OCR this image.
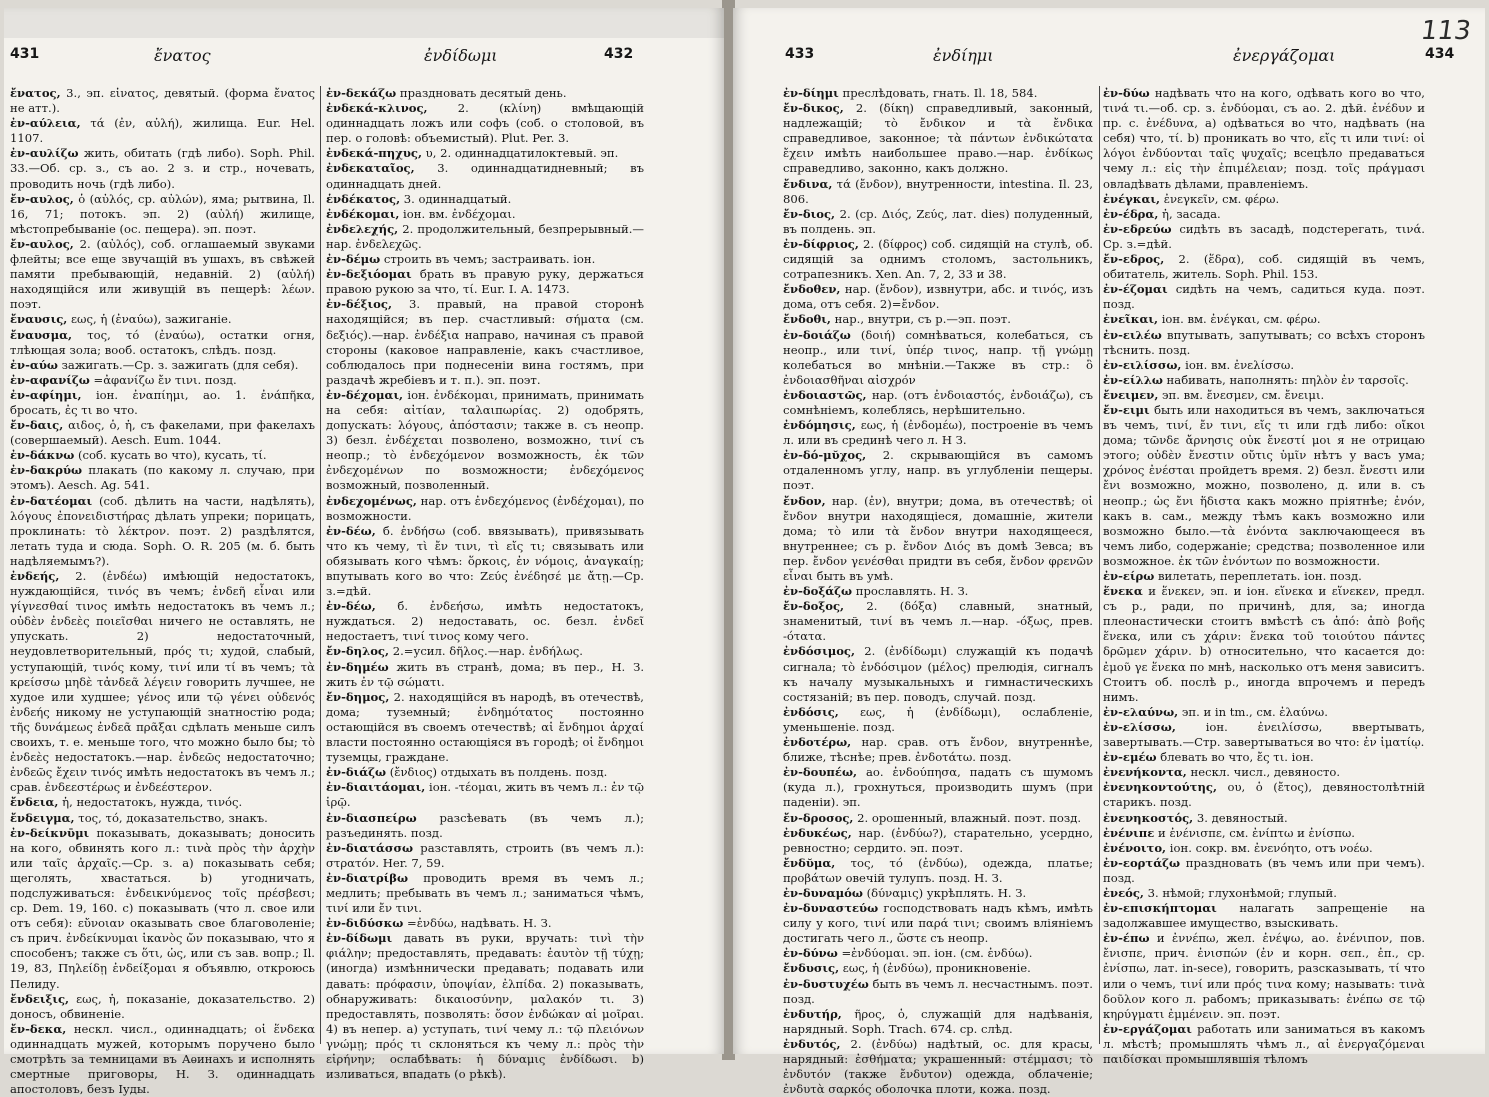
431	ἔνατος	ἐνδίδωμι	432

ἔνατος, 3., эп. εἰνατος, девятый. (форма ἔνατος не атт.).

ἐν-αύλεια, τά (ἐν, αὐλή), жилища. Eur. Hel. 1107.

ἐν-αυλίζω жить, обитать (гдѣ либо). Soph. Phil. 33.—Об. ср. з., съ ао. 2 з. и стр., ночевать, проводить ночь (гдѣ либо).

ἔν-αυλος, ὁ (αὐλός, ср. αὐλών), яма; рытвина, Il. 16, 71; потокъ. эп. 2) (αὐλή) жилище, мѣстопребываніе (ос. пещера). эп. поэт.

ἔν-αυλος, 2. (αὐλός), соб. оглашаемый звуками флейты; все еще звучащій въ ушахъ, въ свѣжей памяти пребывающій, недавній. 2) (αὐλή) находящійся или живущій въ пещерѣ: λέων. поэт.

ἔναυσις, εως, ἡ (ἐναύω), зажиганіе.

ἔναυσμα, τος, τό (ἐναύω), остатки огня, тлѣющая зола; вооб. остатокъ, слѣдъ. позд.

ἐν-αύω зажигать.—Ср. з. зажигать (для себя).

ἐν-αφανίζω =ἀφανίζω ἔν τινι. позд.

ἐν-αφίημι, ioн. ἐναπίημι, ао. 1. ἐνάπῆκα, бросать, ἐς τι во что.

ἔν-δαις, αιδος, ὁ, ἡ, съ факелами, при факелахъ (совершаемый). Aesch. Eum. 1044.

ἐν-δάκνω (соб. кусать во что), кусать, τί.

ἐν-δακρύω плакать (по какому л. случаю, при этомъ). Aesch. Ag. 541.

ἐν-δατέομαι (соб. дѣлить на части, надѣлять), λόγους ἐπονειδιστήρας дѣлать упреки; порицать, проклинать: τὸ λέκτρον. поэт. 2) раздѣлятся, летать туда и сюда. Soph. O. R. 205 (м. б. быть надѣляемымъ?).

ἐνδεής, 2. (ἐνδέω) имѣющій недостатокъ, нуждающійся, τινός въ чемъ; ἐνδεῆ εἶναι или γίγνεσθαί τινος имѣть недостатокъ въ чемъ л.; οὐδὲν ἐνδεὲς ποιεῖσθαι ничего не оставлять, не упускать. 2) недостаточный, неудовлетворительный, πρός τι; худой, слабый, уступающій, τινός кому, τινί или τί въ чемъ; τὰ κρείσσω μηδὲ τἀνδεᾶ λέγειν говорить лучшее, не худое или худшее; γένος или τῷ γένει οὐδενός ἐνδεής никому не уступающій знатностію рода; τῆς δυνάμεως ἐνδεᾶ πρᾶξαι сдѣлать меньше силъ своихъ, т. е. меньше того, что можно было бы; τὸ ἐνδεὲς недостатокъ.—нар. ἐνδεῶς недостаточно; ἐνδεῶς ἔχειν τινός имѣть недостатокъ въ чемъ л.; срав. ἐνδεεστέρως и ἐνδεέστερον.

ἔνδεια, ἡ, недостатокъ, нужда, τινός.

ἔνδειγμα, τος, τό, доказательство, знакъ.

ἐν-δείκνῡμι показывать, доказывать; доносить на кого, обвинять кого л.: τινὰ πρὸς τὴν ἀρχὴν или ταῖς ἀρχαῖς.—Ср. з. а) показывать себя; щеголять, хвастаться. b) угодничать, подслуживаться: ἐνδεικνύμενος τοῖς πρέσβεσι; ср. Dem. 19, 160. с) показывать (что л. свое или отъ себя): εὔνοιαν оказывать свое благоволеніе; съ прич. ἐνδείκνυμαι ἱκανὸς ὤν показываю, что я способенъ; также съ ὅτι, ὡς, или съ зав. вопр.; Il. 19, 83, Πηλείδῃ ἐνδείξομαι я объявлю, откроюсь Пелиду.

ἔνδειξις, εως, ἡ, показаніе, доказательство. 2) доносъ, обвиненіе.

ἔν-δεκα, нескл. числ., одиннадцать; οἱ ἕνδεκα одиннадцать мужей, которымъ поручено было смотрѣть за темницами въ Аѳинахъ и исполнять смертные приговоры, Н. З. одиннадцать апостоловъ, безъ Іуды.

ἐν-δεκάζω праздновать десятый день.

ἐνδεκά-κλινος, 2. (κλίνη) вмѣщающій одиннадцать ложъ или софъ (соб. о столовой, въ пер. о головѣ: объемистый). Plut. Per. 3.

ἐνδεκά-πηχυς, υ, 2. одиннадцатилоктевый. эп.

ἐνδεκαταῖος, 3. одиннадцатидневный; въ одиннадцать дней.

ἑνδέκατος, 3. одиннадцатый.

ἐνδέκομαι, ioн. вм. ἐνδέχομαι.

ἐνδελεχής, 2. продолжительный, безпрерывный.—нар. ἐνδελεχῶς.

ἐν-δέμω строить въ чемъ; застраивать. ioн.

ἐν-δεξιόομαι брать въ правую руку, держаться правою рукою за что, τί. Eur. I. A. 1473.

ἐν-δέξιος, 3. правый, на правой сторонѣ находящійся; въ пер. счастливый: σήματα (см. δεξιός).—нар. ἐνδέξια направо, начиная съ правой стороны (каковое направленіе, какъ счастливое, соблюдалось при поднесеніи вина гостямъ, при раздачѣ жребіевъ и т. п.). эп. поэт.

ἐν-δέχομαι, ioн. ἐνδέκομαι, принимать, принимать на себя: αἰτίαν, ταλαιπωρίας. 2) одобрять, допускать: λόγους, ἀπόστασιν; также в. съ неопр. 3) безл. ἐνδέχεται позволено, возможно, τινί съ неопр.; τὸ ἐνδεχόμενον возможность, ἐκ τῶν ἐνδεχομένων по возможности; ἐνδεχόμενος возможный, позволенный.

ἐνδεχομένως, нар. отъ ἐνδεχόμενος (ἐνδέχομαι), по возможности.

ἐν-δέω, б. ἐνδήσω (соб. ввязывать), привязывать что къ чему, τὶ ἔν τινι, τὶ εἴς τι; связывать или обязывать кого чѣмъ: ὅρκοις, ἐν νόμοις, ἀναγκαίῃ; впутывать кого во что: Ζεύς ἐνέδησέ με ἄτῃ.—Ср. з.=дѣй.

ἐν-δέω, б. ἐνδεήσω, имѣть недостатокъ, нуждаться. 2) недоставать, ос. безл. ἐνδεῖ недостаетъ, τινί τινος кому чего.

ἔν-δηλος, 2.=усил. δῆλος.—нар. ἐνδήλως.

ἐν-δημέω жить въ странѣ, дома; въ пер., Н. З. жить ἐν τῷ σώματι.

ἔν-δημος, 2. находящійся въ народѣ, въ отечествѣ, дома; туземный; ἐνδημότατος постоянно остающійся въ своемъ отечествѣ; αἱ ἔνδημοι ἀρχαί власти постоянно остающіяся въ городѣ; οἱ ἔνδημοι туземцы, граждане.

ἐν-διάζω (ἔνδιος) отдыхать въ полдень. позд.

ἐν-διαιτάομαι, ioн. -τέομαι, жить въ чемъ л.: ἐν τῷ ἱρῷ.

ἐν-διασπείρω разсѣевать (въ чемъ л.); разъединять. позд.

ἐν-διατάσσω разставлять, строить (въ чемъ л.): στρατόν. Her. 7, 59.

ἐν-διατρίβω проводить время въ чемъ л.; медлить; пребывать въ чемъ л.; заниматься чѣмъ, τινί или ἔν τινι.

ἐν-διδύσκω =ἐνδύω, надѣвать. Н. З.

ἐν-δίδωμι давать въ руки, вручать: τινὶ τὴν φιάλην; предоставлять, предавать: ἑαυτὸν τῇ τύχῃ; (иногда) измѣннически предавать; подавать или давать: πρόφασιν, ὑποψίαν, ἐλπίδα. 2) показывать, обнаруживать: δικαιοσύνην, μαλακόν τι. 3) предоставлять, позволять: ὅσον ἐνδώκαν αἱ μοῖραι. 4) въ непер. а) уступать, τινί чему л.: τῷ πλειόνων γνώμῃ; πρός τι склоняться къ чему л.: πρὸς τὴν εἰρήνην; ослабѣвать: ἡ δύναμις ἐνδίδωσι. b) изливаться, впадать (о рѣкѣ).

433	ἐνδίημι	ἐνεργάζομαι	434
113

ἐν-δίημι преслѣдовать, гнать. Il. 18, 584.

ἔν-δικος, 2. (δίκη) справедливый, законный, надлежащій; τὸ ἔνδικον и τὰ ἔνδικα справедливое, законное; τὰ πάντων ἐνδικώτατα ἔχειν имѣть наибольшее право.—нар. ἐνδίκως справедливо, законно, какъ должно.

ἔνδινα, τά (ἔνδον), внутренности, intestina. Il. 23, 806.

ἔν-διος, 2. (ср. Διός, Ζεύς, лат. dies) полуденный, въ полдень. эп.

ἐν-δίφριος, 2. (δίφρος) соб. сидящій на стулѣ, об. сидящій за однимъ столомъ, застольникъ, сотрапезникъ. Xen. An. 7, 2, 33 и 38.

ἔνδοθεν, нар. (ἔνδον), извнутри, абс. и τινός, изъ дома, отъ себя. 2)=ἔνδον.

ἔνδοθι, нар., внутри, съ р.—эп. поэт.

ἐν-δοιάζω (δοιή) сомнѣваться, колебаться, съ неопр., или τινί, ὑπέρ τινος, напр. τῇ γνώμῃ колебаться во мнѣніи.—Также въ стр.: ὃ ἐνδοιασθῆναι αἰσχρόν

ἐνδοιαστῶς, нар. (отъ ἐνδοιαστός, ἐνδοιάζω), съ сомнѣніемъ, колеблясь, нерѣшительно.

ἐνδόμησις, εως, ἡ (ἐνδομέω), построеніе въ чемъ л. или въ срединѣ чего л. Н З.

ἐν-δό-μῠχος, 2. скрывающійся въ самомъ отдаленномъ углу, напр. въ углубленіи пещеры. поэт.

ἔνδον, нар. (ἐν), внутри; дома, въ отечествѣ; οἱ ἔνδον внутри находящіеся, домашніе, жители дома; τὸ или τὰ ἔνδον внутри находящееся, внутреннее; съ р. ἔνδον Διός въ домѣ Зевса; въ пер. ἔνδον γενέσθαι придти въ себя, ἔνδον φρενῶν εἶναι быть въ умѣ.

ἐν-δοξάζω прославлять. Н. З.

ἔν-δοξος, 2. (δόξα) славный, знатный, знаменитый, τινί въ чемъ л.—нар. -όξως, прев. -ότατα.

ἐνδόσιμος, 2. (ἐνδίδωμι) служащій къ подачѣ сигнала; τὸ ἐνδόσιμον (μέλος) прелюдія, сигналъ къ началу музыкальныхъ и гимнастическихъ состязаній; въ пер. поводъ, случай. позд.

ἐνδόσις, εως, ἡ (ἐνδίδωμι), ослабленіе, уменьшеніе. позд.

ἐνδοτέρω, нар. срав. отъ ἔνδον, внутреннѣе, ближе, тѣснѣе; прев. ἐνδοτάτω. позд.

ἐν-δουπέω, ао. ἐνδούπησα, падать съ шумомъ (куда л.), грохнуться, производить шумъ (при паденіи). эп.

ἔν-δροσος, 2. орошенный, влажный. поэт. позд.

ἐνδυκέως, нар. (ἐνδύω?), старательно, усердно, ревностно; сердито. эп. поэт.

ἔνδῠμα, τος, τό (ἐνδύω), одежда, платье; προβάτων овечій тулупъ. позд. Н. З.

ἐν-δυναμόω (δύναμις) укрѣплять. Н. З.

ἐν-δυναστεύω господствовать надъ кѣмъ, имѣть силу у кого, τινί или παρά τινι; своимъ вліяніемъ достигать чего л., ὥστε съ неопр.

ἐν-δύνω =ἐνδύομαι. эп. ioн. (см. ἐνδύω).

ἔνδυσις, εως, ἡ (ἐνδύω), проникновеніе.

ἐν-δυστυχέω быть въ чемъ л. несчастнымъ. поэт. позд.

ἐνδυτήρ, ῆρος, ὁ, служащій для надѣванія, нарядный. Soph. Trach. 674. ср. слѣд.

ἐνδυτός, 2. (ἐνδύω) надѣтый, ос. для красы, нарядный: ἐσθήματα; украшенный: στέμμασι; τὸ ἐνδυτόν (также ἔνδυτον) одежда, облаченіе; ἐνδυτὰ σαρκός оболочка плоти, кожа. позд.

ἐν-δύω надѣвать что на кого, одѣвать кого во что, τινά τι.—об. ср. з. ἐνδύομαι, съ ао. 2. дѣй. ἐνέδυν и пр. с. ἐνέδυνα, а) одѣваться во что, надѣвать (на себя) что, τί. b) проникать во что, εἴς τι или τινί: οἱ λόγοι ἐνδύονται ταῖς ψυχαῖς; всецѣло предаваться чему л.: εἰς τὴν ἐπιμέλειαν; позд. τοῖς πράγμασι овладѣвать дѣлами, правленіемъ.

ἐνέγκαι, ἐνεγκεῖν, см. φέρω.

ἐν-έδρα, ἡ, засада.

ἐν-εδρεύω сидѣть въ засадѣ, подстерегать, τινά. Ср. з.=дѣй.

ἔν-εδρος, 2. (ἕδρα), соб. сидящій въ чемъ, обитатель, житель. Soph. Phil. 153.

ἐν-έζομαι сидѣть на чемъ, садиться куда. поэт. позд.

ἐνεῖκαι, ioн. вм. ἐνέγκαι, см. φέρω.

ἐν-ειλέω впутывать, запутывать; со всѣхъ сторонъ тѣснить. позд.

ἐν-ειλίσσω, ioн. вм. ἐνελίσσω.

ἐν-είλλω набивать, наполнять: πηλὸν ἐν ταρσοῖς.

ἔνειμεν, эп. вм. ἔνεσμεν, см. ἔνειμι.

ἔν-ειμι быть или находиться въ чемъ, заключаться въ чемъ, τινί, ἔν τινι, εἴς τι или гдѣ либо: οἴκοι дома; τῶνδε ἄρνησις οὐκ ἔνεστί μοι я не отрицаю этого; οὐδὲν ἔνεστιν οὔτις ὑμῖν нѣтъ у васъ ума; χρόνος ἐνέσται пройдетъ время. 2) безл. ἔνεστι или ἔνι возможно, можно, позволено, д. или в. съ неопр.; ὡς ἔνι ἥδιστα какъ можно пріятнѣе; ἐνόν, какъ в. сам., между тѣмъ какъ возможно или возможно было.—τὰ ἐνόντα заключающееся въ чемъ либо, содержаніе; средства; позволенное или возможное. ἐκ τῶν ἐνόντων по возможности.

ἐν-είρω вилетать, переплетать. ioн. позд.

ἕνεκα и ἕνεκεν, эп. и ioн. εἵνεκα и εἵνεκεν, предл. съ р., ради, по причинѣ, для, за; иногда плеонастически стоитъ вмѣстѣ съ ἀπό: ἀπὸ βοῆς ἕνεκα, или съ χάριν: ἕνεκα τοῦ τοιούτου πάντες δρῶμεν χάριν. b) относительно, что касается до: ἐμοῦ γε ἕνεκα по мнѣ, насколько отъ меня зависитъ. Стоитъ об. послѣ р., иногда впрочемъ и передъ нимъ.

ἐν-ελαύνω, эп. и in tm., см. ἐλαύνω.

ἐν-ελίσσω, ioн. ἐνειλίσσω, ввертывать, завертывать.—Стр. завертываться во что: ἐν ἱματίῳ.

ἐν-εμέω блевать во что, ἔς τι. ioн.

ἐνενήκοντα, нескл. числ., девяносто.

ἐνενηκοντούτης, ου, ὁ (ἔτος), девяностолѣтній старикъ. позд.

ἐνενηκοστός, 3. девяностый.

ἐνένιπε и ἐνένισπε, см. ἐνίπτω и ἐνίσπω.

ἐνένοιτο, ioн. сокр. вм. ἐνενόητο, отъ νοέω.

ἐν-εορτάζω праздновать (въ чемъ или при чемъ). позд.

ἐνεός, 3. нѣмой; глухонѣмой; глупый.

ἐν-επισκήπτομαι налагать запрещеніе на задолжавшее имущество, взыскивать.

ἐν-έπω и ἐννέπω, жел. ἐνέψω, ао. ἐνένιπον, пов. ἔνισπε, прич. ἐνισπών (ἐν и корн. σεπ., ἐπ., ср. ἐνίσπω, лат. in-sece), говорить, разсказывать, τί что или о чемъ, τινί или πρός τινα кому; называть: τινὰ δοῦλον кого л. рабомъ; приказывать: ἐνέπω σε τῷ κηρύγματι ἐμμένειν. эп. поэт.

ἐν-εργάζομαι работать или заниматься въ какомъ л. мѣстѣ; промышлять чѣмъ л., αἱ ἐνεργαζόμεναι παιδίσκαι промышлявшія тѣломъ
